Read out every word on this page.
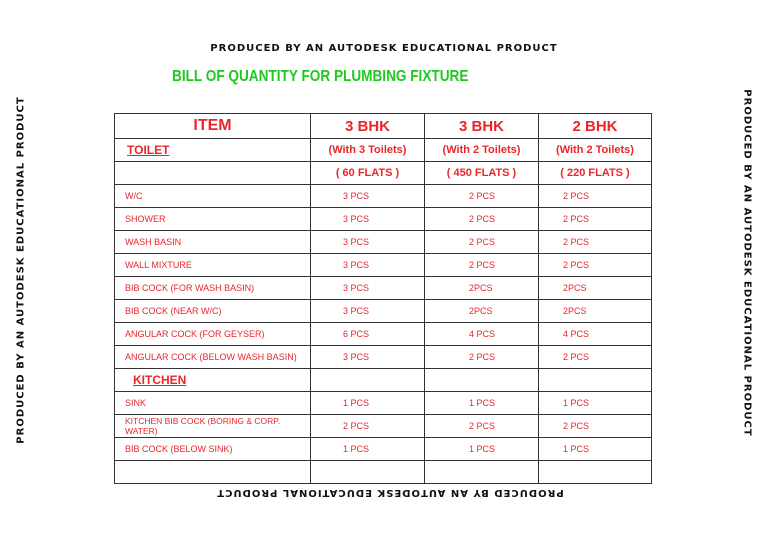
PRODUCED BY AN AUTODESK EDUCATIONAL PRODUCT
PRODUCED BY AN AUTODESK EDUCATIONAL PRODUCT
PRODUCED BY AN AUTODESK EDUCATIONAL PRODUCT	PRODUCED BY AN AUTODESK EDUCATIONAL PRODUCT
BILL OF QUANTITY FOR PLUMBING FIXTURE
ITEM	3 BHK	3 BHK	2 BHK
TOILET	(With 3 Toilets)	(With 2 Toilets)	(With 2 Toilets)
	( 60 FLATS )	( 450 FLATS )	( 220 FLATS )
W/C	3 PCS	2 PCS	2 PCS
SHOWER	3 PCS	2 PCS	2 PCS
WASH BASIN	3 PCS	2 PCS	2 PCS
WALL MIXTURE	3 PCS	2 PCS	2 PCS
BIB COCK (FOR WASH BASIN)	3 PCS	2PCS	2PCS
BIB COCK (NEAR W/C)	3 PCS	2PCS	2PCS
ANGULAR COCK (FOR GEYSER)	6 PCS	4 PCS	4 PCS
ANGULAR COCK (BELOW WASH BASIN)	3 PCS	2 PCS	2 PCS
KITCHEN			
SINK	1 PCS	1 PCS	1 PCS
KITCHEN BIB COCK (BORING & CORP. WATER)	2 PCS	2 PCS	2 PCS
BIB COCK (BELOW SINK)	1 PCS	1 PCS	1 PCS
